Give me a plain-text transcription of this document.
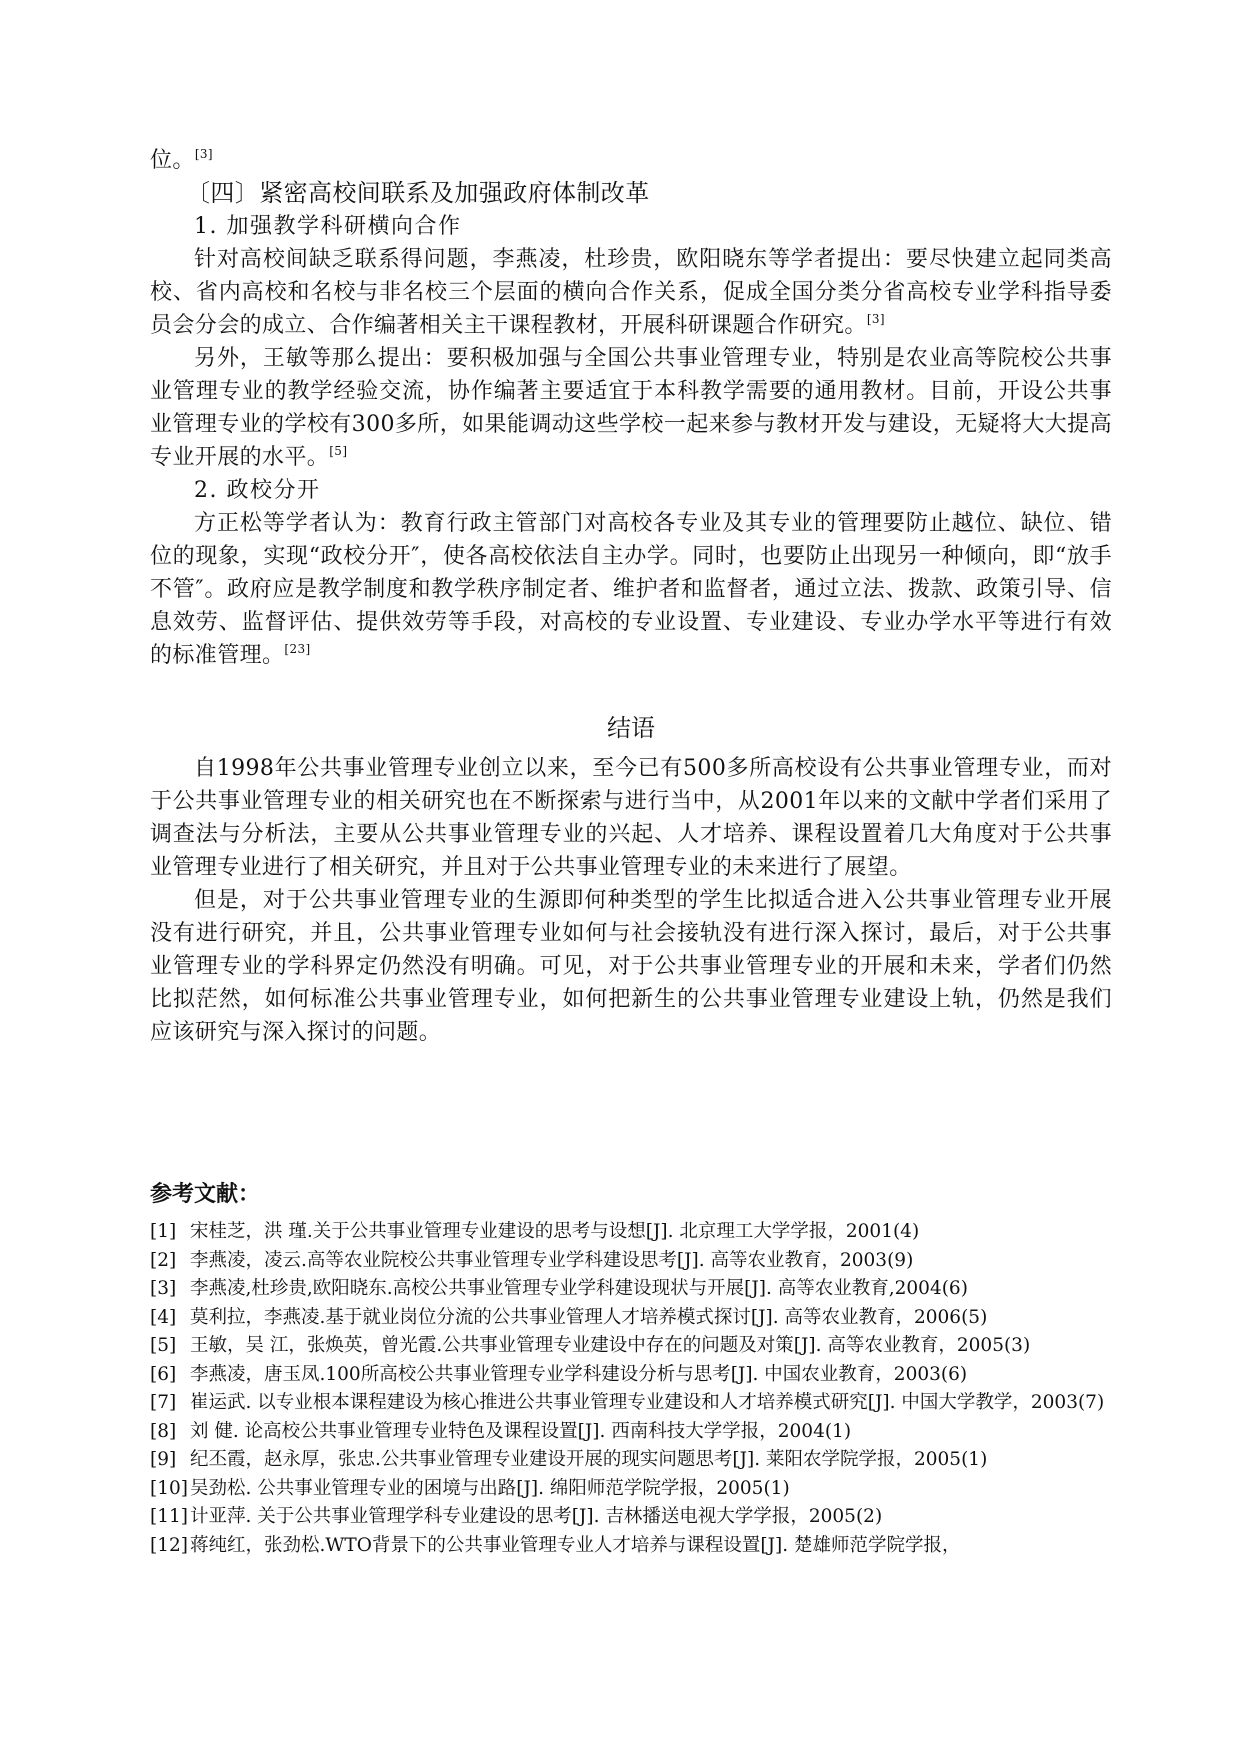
位。[3]

〔四〕紧密高校间联系及加强政府体制改革

1. 加强教学科研横向合作

针对高校间缺乏联系得问题，李燕凌，杜珍贵，欧阳晓东等学者提出：要尽快建立起同类高校、省内高校和名校与非名校三个层面的横向合作关系，促成全国分类分省高校专业学科指导委员会分会的成立、合作编著相关主干课程教材，开展科研课题合作研究。[3]

另外，王敏等那么提出：要积极加强与全国公共事业管理专业，特别是农业高等院校公共事业管理专业的教学经验交流，协作编著主要适宜于本科教学需要的通用教材。目前，开设公共事业管理专业的学校有300多所，如果能调动这些学校一起来参与教材开发与建设，无疑将大大提高专业开展的水平。[5]

2. 政校分开

方正松等学者认为：教育行政主管部门对高校各专业及其专业的管理要防止越位、缺位、错位的现象，实现“政校分开″，使各高校依法自主办学。同时，也要防止出现另一种倾向，即“放手不管″。政府应是教学制度和教学秩序制定者、维护者和监督者，通过立法、拨款、政策引导、信息效劳、监督评估、提供效劳等手段，对高校的专业设置、专业建设、专业办学水平等进行有效的标准管理。[23]

结语

自1998年公共事业管理专业创立以来，至今已有500多所高校设有公共事业管理专业，而对于公共事业管理专业的相关研究也在不断探索与进行当中，从2001年以来的文献中学者们采用了调查法与分析法，主要从公共事业管理专业的兴起、人才培养、课程设置着几大角度对于公共事业管理专业进行了相关研究，并且对于公共事业管理专业的未来进行了展望。

但是，对于公共事业管理专业的生源即何种类型的学生比拟适合进入公共事业管理专业开展没有进行研究，并且，公共事业管理专业如何与社会接轨没有进行深入探讨，最后，对于公共事业管理专业的学科界定仍然没有明确。可见，对于公共事业管理专业的开展和未来，学者们仍然比拟茫然，如何标准公共事业管理专业，如何把新生的公共事业管理专业建设上轨，仍然是我们应该研究与深入探讨的问题。

参考文献：
[1] 宋桂芝，洪 瑾.关于公共事业管理专业建设的思考与设想[J]. 北京理工大学学报，2001(4)
[2] 李燕凌，凌云.高等农业院校公共事业管理专业学科建设思考[J]. 高等农业教育，2003(9)
[3] 李燕凌,杜珍贵,欧阳晓东.高校公共事业管理专业学科建设现状与开展[J]. 高等农业教育,2004(6)
[4] 莫利拉，李燕凌.基于就业岗位分流的公共事业管理人才培养模式探讨[J]. 高等农业教育，2006(5)
[5] 王敏，吴 江，张焕英，曾光霞.公共事业管理专业建设中存在的问题及对策[J]. 高等农业教育，2005(3)
[6] 李燕凌，唐玉凤.100所高校公共事业管理专业学科建设分析与思考[J]. 中国农业教育，2003(6)
[7] 崔运武. 以专业根本课程建设为核心推进公共事业管理专业建设和人才培养模式研究[J]. 中国大学教学，2003(7)
[8] 刘 健. 论高校公共事业管理专业特色及课程设置[J]. 西南科技大学学报，2004(1)
[9] 纪丕霞，赵永厚，张忠.公共事业管理专业建设开展的现实问题思考[J]. 莱阳农学院学报，2005(1)
[10] 吴劲松. 公共事业管理专业的困境与出路[J]. 绵阳师范学院学报，2005(1)
[11] 计亚萍. 关于公共事业管理学科专业建设的思考[J]. 吉林播送电视大学学报，2005(2)
[12] 蒋纯红，张劲松.WTO背景下的公共事业管理专业人才培养与课程设置[J]. 楚雄师范学院学报，
